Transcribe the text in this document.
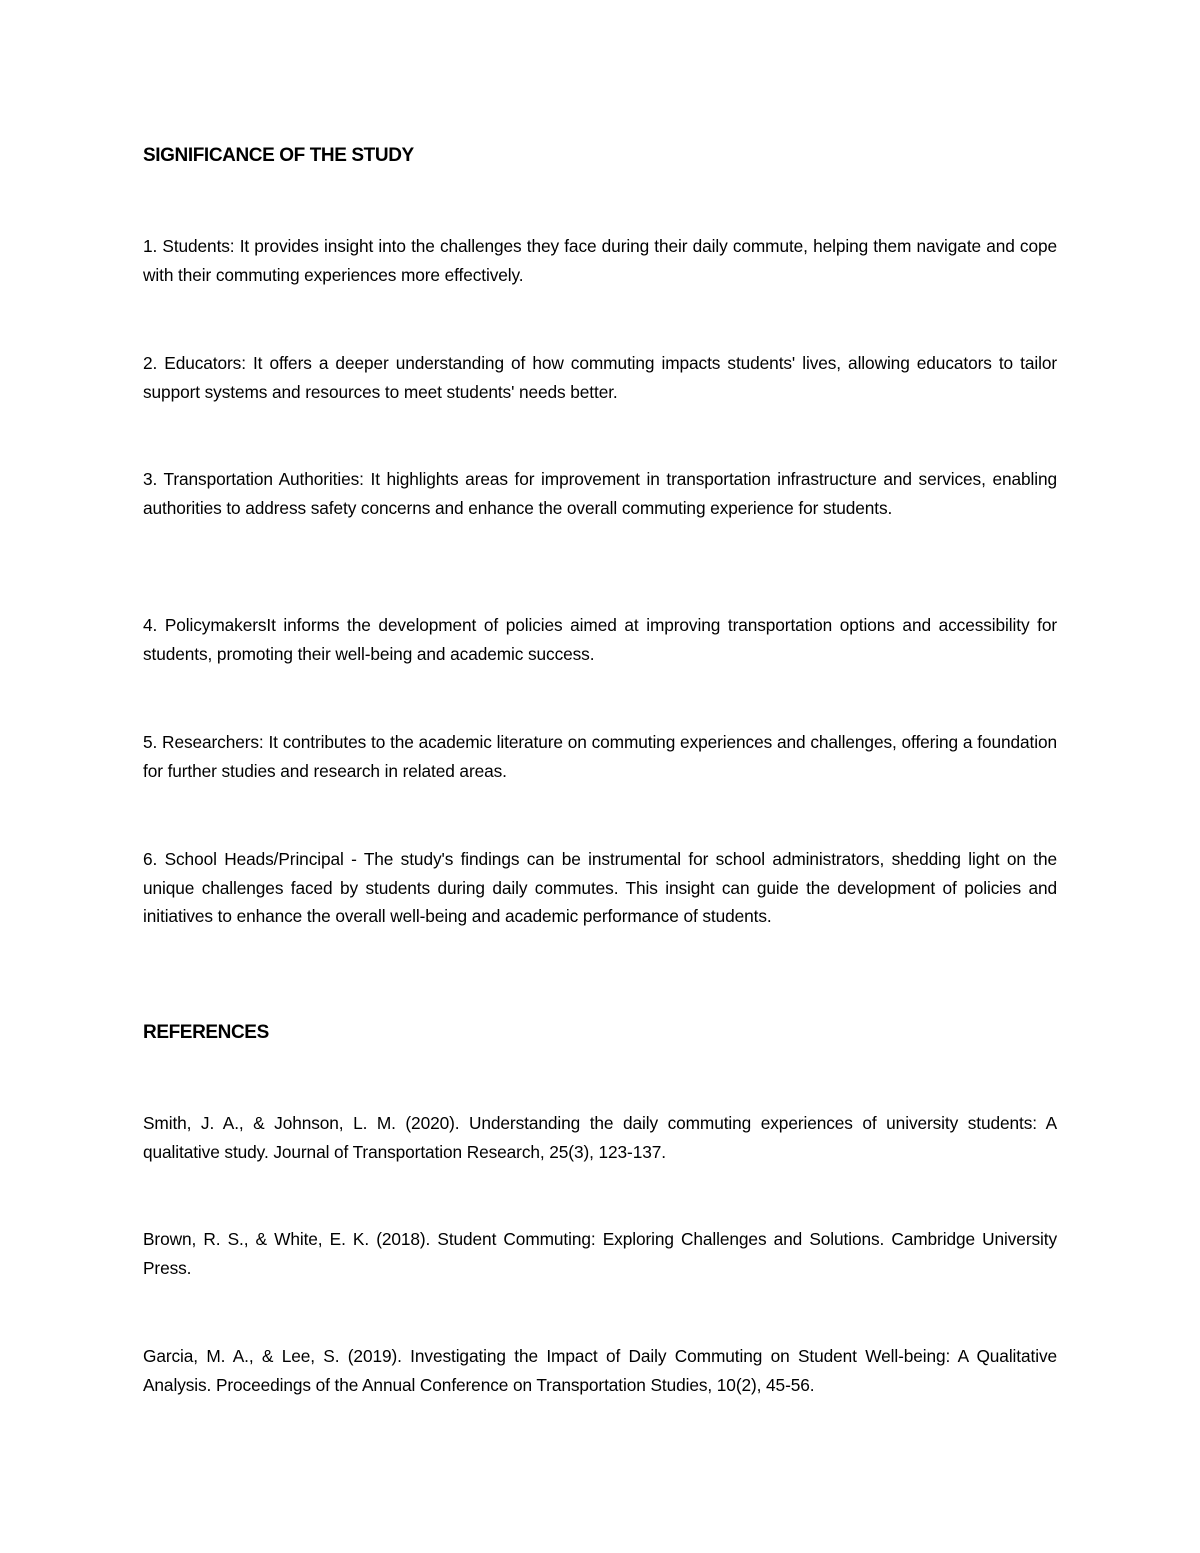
SIGNIFICANCE OF THE STUDY

1. Students: It provides insight into the challenges they face during their daily commute, helping them navigate and cope with their commuting experiences more effectively.

2. Educators: It offers a deeper understanding of how commuting impacts students' lives, allowing educators to tailor support systems and resources to meet students' needs better.

3. Transportation Authorities: It highlights areas for improvement in transportation infrastructure and services, enabling authorities to address safety concerns and enhance the overall commuting experience for students.

4. PolicymakersIt informs the development of policies aimed at improving transportation options and accessibility for students, promoting their well-being and academic success.

5. Researchers: It contributes to the academic literature on commuting experiences and challenges, offering a foundation for further studies and research in related areas.

6. School Heads/Principal - The study's findings can be instrumental for school administrators, shedding light on the unique challenges faced by students during daily commutes. This insight can guide the development of policies and initiatives to enhance the overall well-being and academic performance of students.

REFERENCES

Smith, J. A., & Johnson, L. M. (2020). Understanding the daily commuting experiences of university students: A qualitative study. Journal of Transportation Research, 25(3), 123-137.

Brown, R. S., & White, E. K. (2018). Student Commuting: Exploring Challenges and Solutions. Cambridge University Press.

Garcia, M. A., & Lee, S. (2019). Investigating the Impact of Daily Commuting on Student Well-being: A Qualitative Analysis. Proceedings of the Annual Conference on Transportation Studies, 10(2), 45-56.
